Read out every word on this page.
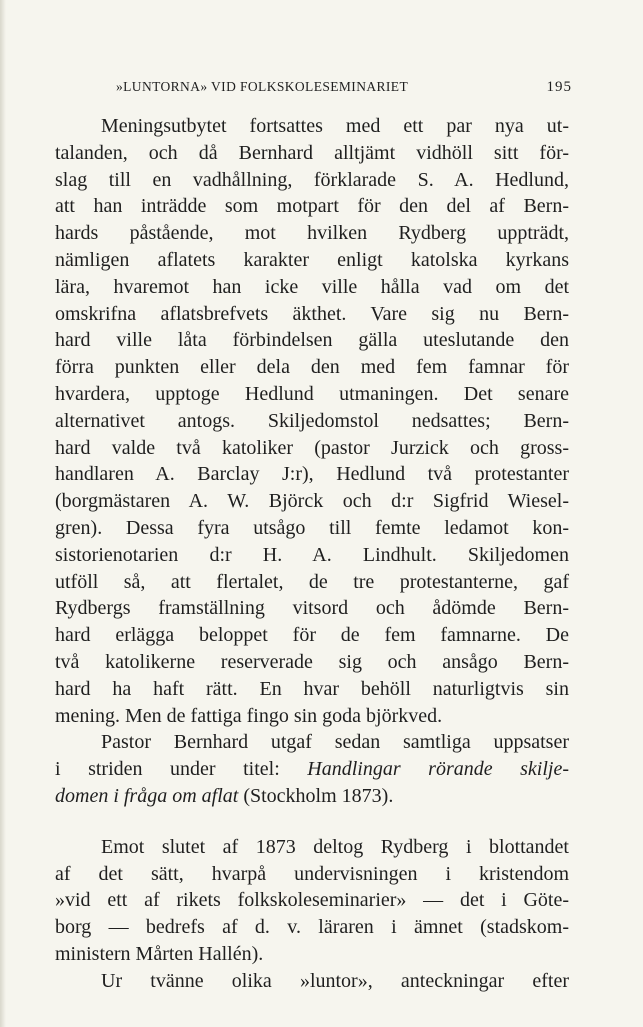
»LUNTORNA» VID FOLKSKOLESEMINARIET	195
Meningsutbytet fortsattes med ett par nya ut-
talanden, och då Bernhard alltjämt vidhöll sitt för-
slag till en vadhållning, förklarade S. A. Hedlund,
att han inträdde som motpart för den del af Bern-
hards påstående, mot hvilken Rydberg uppträdt,
nämligen aflatets karakter enligt katolska kyrkans
lära, hvaremot han icke ville hålla vad om det
omskrifna aflatsbrefvets äkthet. Vare sig nu Bern-
hard ville låta förbindelsen gälla uteslutande den
förra punkten eller dela den med fem famnar för
hvardera, upptoge Hedlund utmaningen. Det senare
alternativet antogs. Skiljedomstol nedsattes; Bern-
hard valde två katoliker (pastor Jurzick och gross-
handlaren A. Barclay J:r), Hedlund två protestanter
(borgmästaren A. W. Björck och d:r Sigfrid Wiesel-
gren). Dessa fyra utsågo till femte ledamot kon-
sistorienotarien d:r H. A. Lindhult. Skiljedomen
utföll så, att flertalet, de tre protestanterne, gaf
Rydbergs framställning vitsord och ådömde Bern-
hard erlägga beloppet för de fem famnarne. De
två katolikerne reserverade sig och ansågo Bern-
hard ha haft rätt. En hvar behöll naturligtvis sin
mening. Men de fattiga fingo sin goda björkved.
Pastor Bernhard utgaf sedan samtliga uppsatser
i striden under titel: Handlingar rörande skilje-
domen i fråga om aflat (Stockholm 1873).
Emot slutet af 1873 deltog Rydberg i blottandet
af det sätt, hvarpå undervisningen i kristendom
»vid ett af rikets folkskoleseminarier» — det i Göte-
borg — bedrefs af d. v. läraren i ämnet (stadskom-
ministern Mårten Hallén).
Ur tvänne olika »luntor», anteckningar efter
